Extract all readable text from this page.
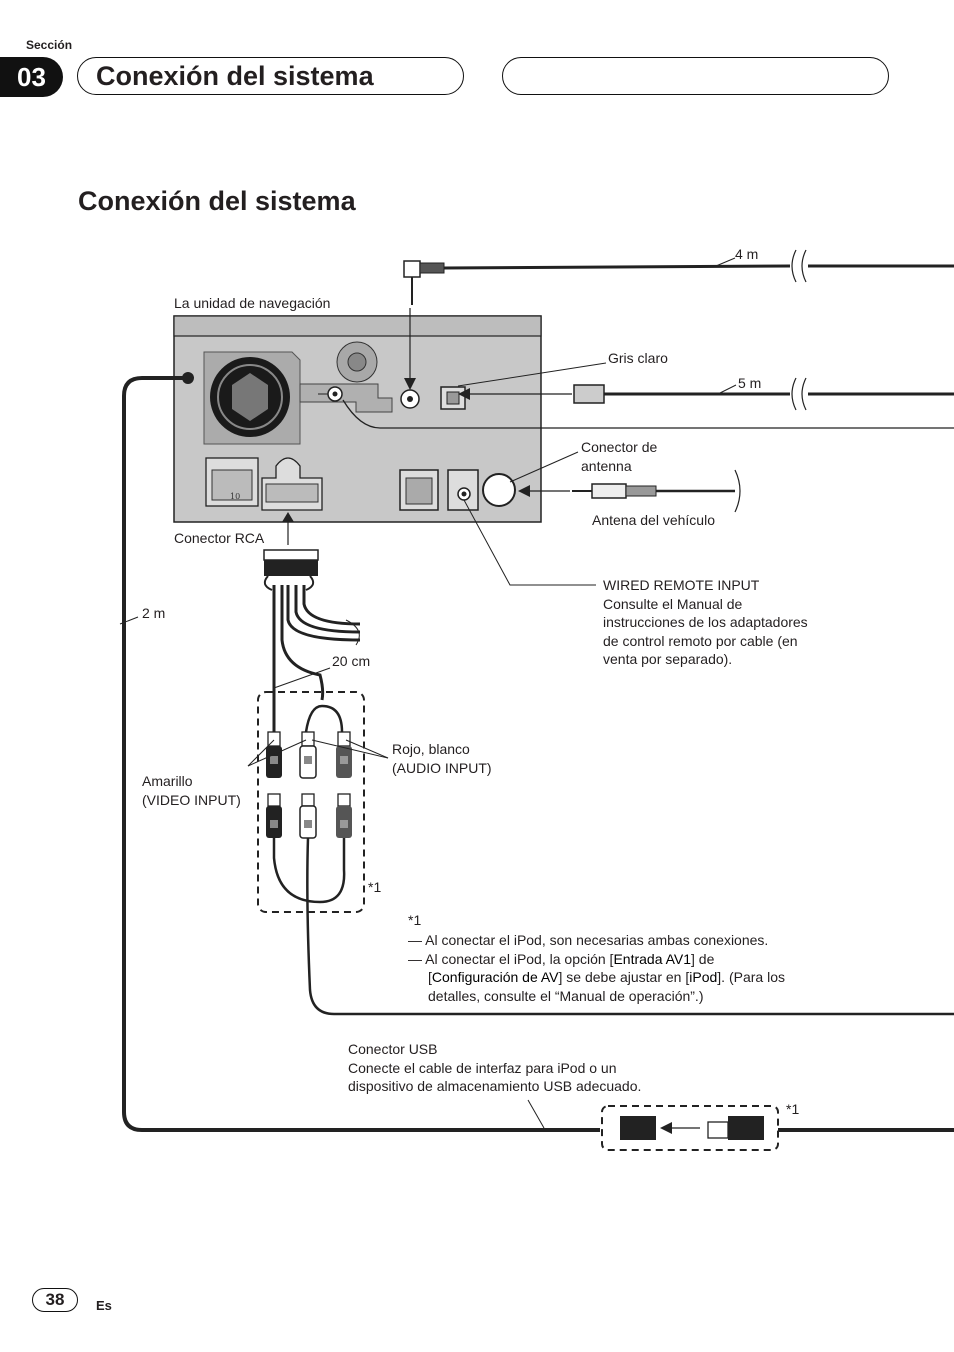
Sección
03	Conexión del sistema
Conexión del sistema
10
La unidad de navegación
4 m
Gris claro
5 m
Conector de
antenna
Antena del vehículo
Conector RCA
2 m
20 cm
WIRED REMOTE INPUT
Consulte el Manual de
instrucciones de los adaptadores
de control remoto por cable (en
venta por separado).
Rojo, blanco
(AUDIO INPUT)
Amarillo
(VIDEO INPUT)
*1
*1
— Al conectar el iPod, son necesarias ambas conexiones.
— Al conectar el iPod, la opción [Entrada AV1] de
[Configuración de AV] se debe ajustar en [iPod]. (Para los
detalles, consulte el “Manual de operación”.)
Conector USB
Conecte el cable de interfaz para iPod o un
dispositivo de almacenamiento USB adecuado.
*1
38	Es
